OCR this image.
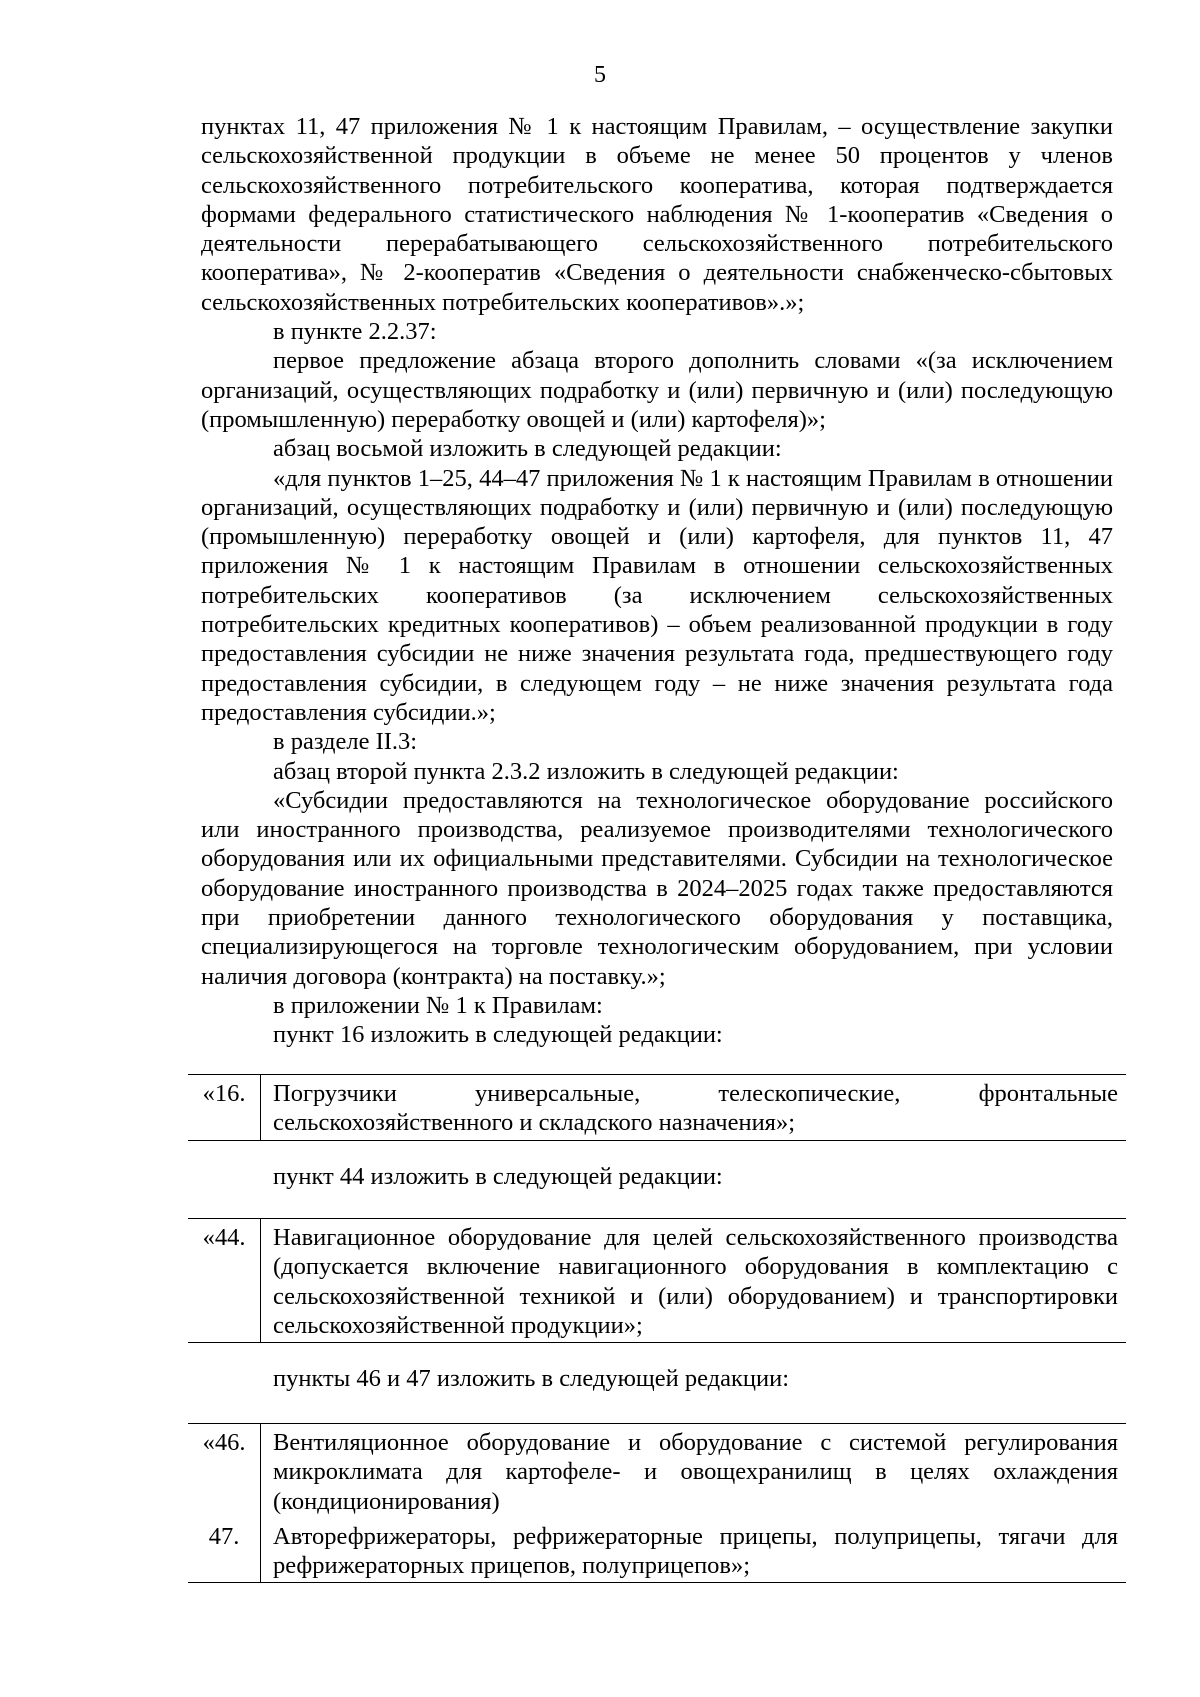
5

пунктах 11, 47 приложения № 1 к настоящим Правилам, – осуществление закупки сельскохозяйственной продукции в объеме не менее 50 процентов у членов сельскохозяйственного потребительского кооператива, которая подтверждается формами федерального статистического наблюдения № 1-кооператив «Сведения о деятельности перерабатывающего сельскохозяйственного потребительского кооператива», № 2-кооператив «Сведения о деятельности снабженческо-сбытовых сельскохозяйственных потребительских кооперативов».»;

в пункте 2.2.37:

первое предложение абзаца второго дополнить словами «(за исключением организаций, осуществляющих подработку и (или) первичную и (или) последующую (промышленную) переработку овощей и (или) картофеля)»;

абзац восьмой изложить в следующей редакции:

«для пунктов 1–25, 44–47 приложения № 1 к настоящим Правилам в отношении организаций, осуществляющих подработку и (или) первичную и (или) последующую (промышленную) переработку овощей и (или) картофеля, для пунктов 11, 47 приложения № 1 к настоящим Правилам в отношении сельскохозяйственных потребительских кооперативов (за исключением сельскохозяйственных потребительских кредитных кооперативов) – объем реализованной продукции в году предоставления субсидии не ниже значения результата года, предшествующего году предоставления субсидии, в следующем году – не ниже значения результата года предоставления субсидии.»;

в разделе II.3:

абзац второй пункта 2.3.2 изложить в следующей редакции:

«Субсидии предоставляются на технологическое оборудование российского или иностранного производства, реализуемое производителями технологического оборудования или их официальными представителями. Субсидии на технологическое оборудование иностранного производства в 2024–2025 годах также предоставляются при приобретении данного технологического оборудования у поставщика, специализирующегося на торговле технологическим оборудованием, при условии наличия договора (контракта) на поставку.»;

в приложении № 1 к Правилам:

пункт 16 изложить в следующей редакции:

«16.	Погрузчики универсальные, телескопические, фронтальные сельскохозяйственного и складского назначения»;

пункт 44 изложить в следующей редакции:

«44.	Навигационное оборудование для целей сельскохозяйственного производства (допускается включение навигационного оборудования в комплектацию с сельскохозяйственной техникой и (или) оборудованием) и транспортировки сельскохозяйственной продукции»;

пункты 46 и 47 изложить в следующей редакции:

«46.	Вентиляционное оборудование и оборудование с системой регулирования микроклимата для картофеле- и овощехранилищ в целях охлаждения (кондиционирования)
47.	Авторефрижераторы, рефрижераторные прицепы, полуприцепы, тягачи для рефрижераторных прицепов, полуприцепов»;
